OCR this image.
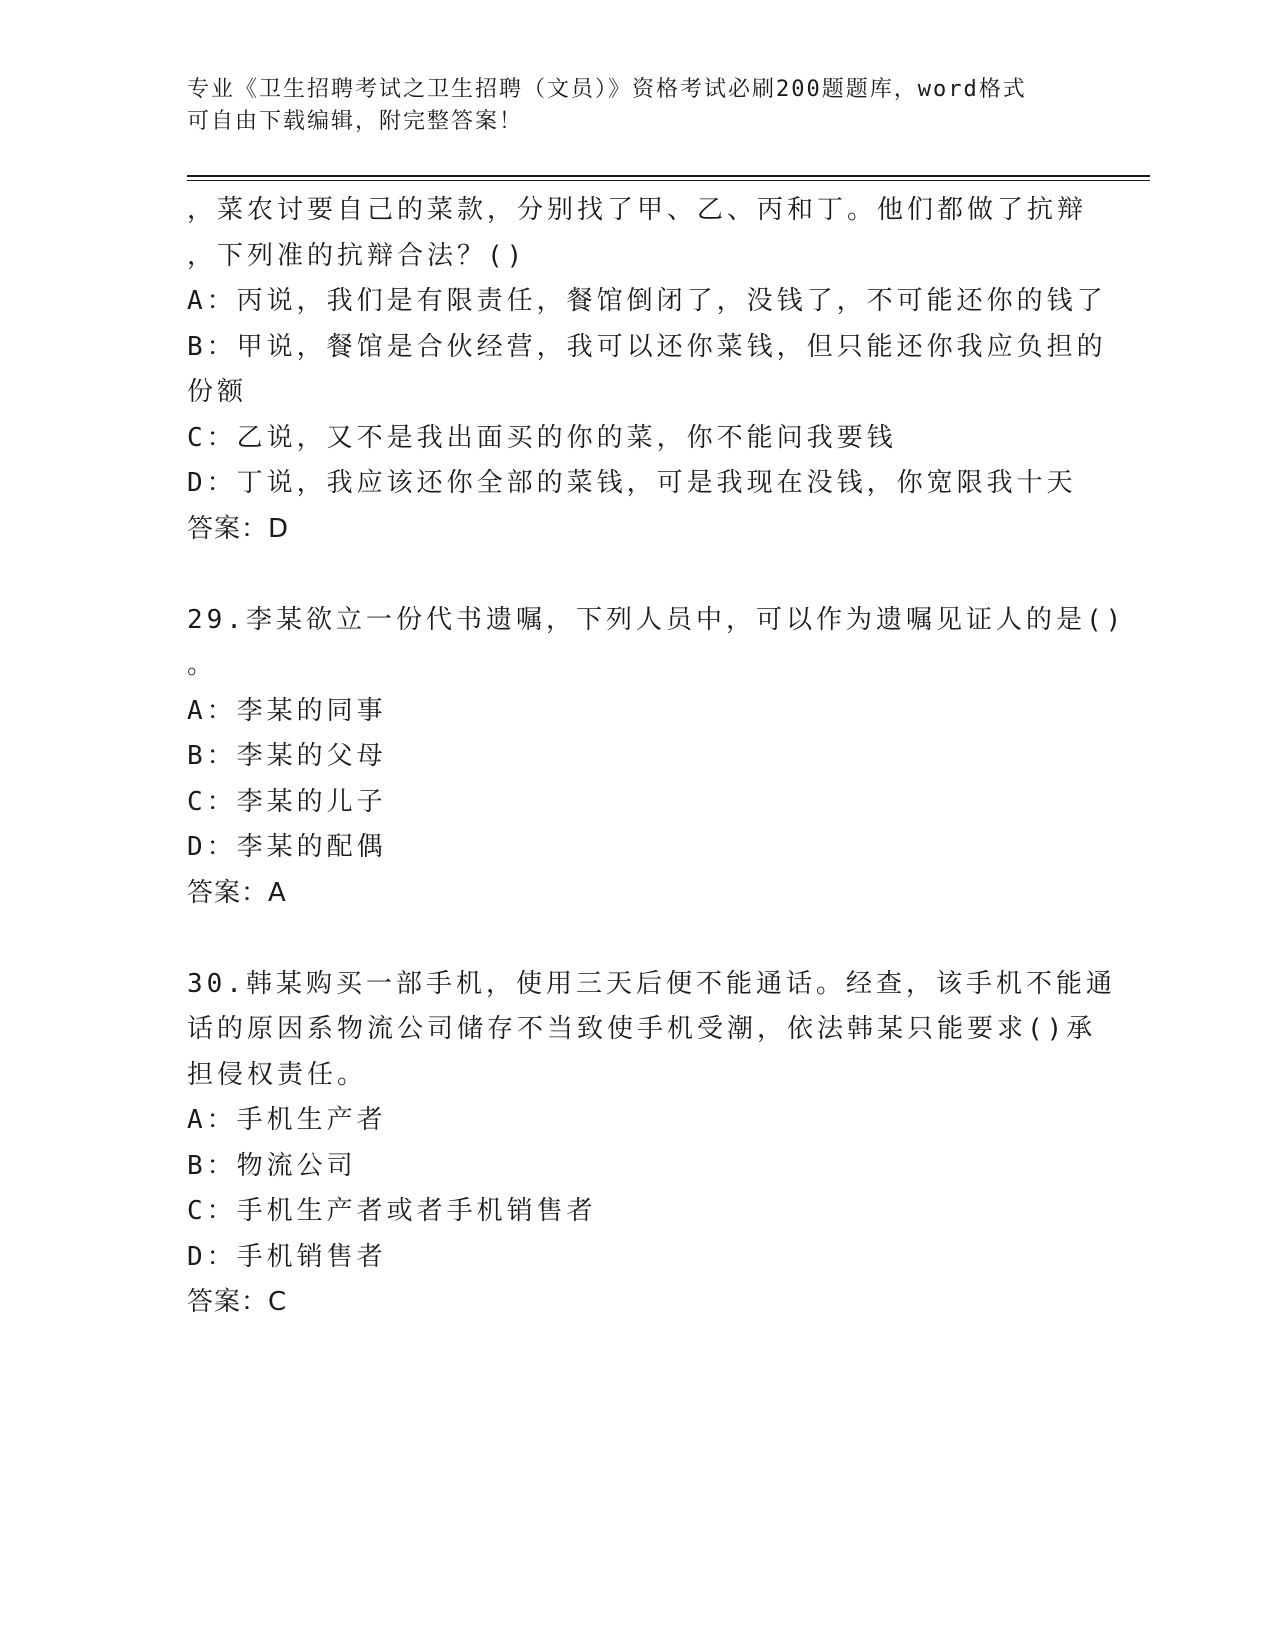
专业《卫生招聘考试之卫生招聘（文员）》资格考试必刷200题题库，word格式
可自由下载编辑，附完整答案！
，菜农讨要自己的菜款，分别找了甲、乙、丙和丁。他们都做了抗辩
，下列准的抗辩合法？()
A：丙说，我们是有限责任，餐馆倒闭了，没钱了，不可能还你的钱了
B：甲说，餐馆是合伙经营，我可以还你菜钱，但只能还你我应负担的
份额
C：乙说，又不是我出面买的你的菜，你不能问我要钱
D：丁说，我应该还你全部的菜钱，可是我现在没钱，你宽限我十天
答案：D
29.李某欲立一份代书遗嘱，下列人员中，可以作为遗嘱见证人的是()
。
A：李某的同事
B：李某的父母
C：李某的儿子
D：李某的配偶
答案：A
30.韩某购买一部手机，使用三天后便不能通话。经查，该手机不能通
话的原因系物流公司储存不当致使手机受潮，依法韩某只能要求()承
担侵权责任。
A：手机生产者
B：物流公司
C：手机生产者或者手机销售者
D：手机销售者
答案：C
